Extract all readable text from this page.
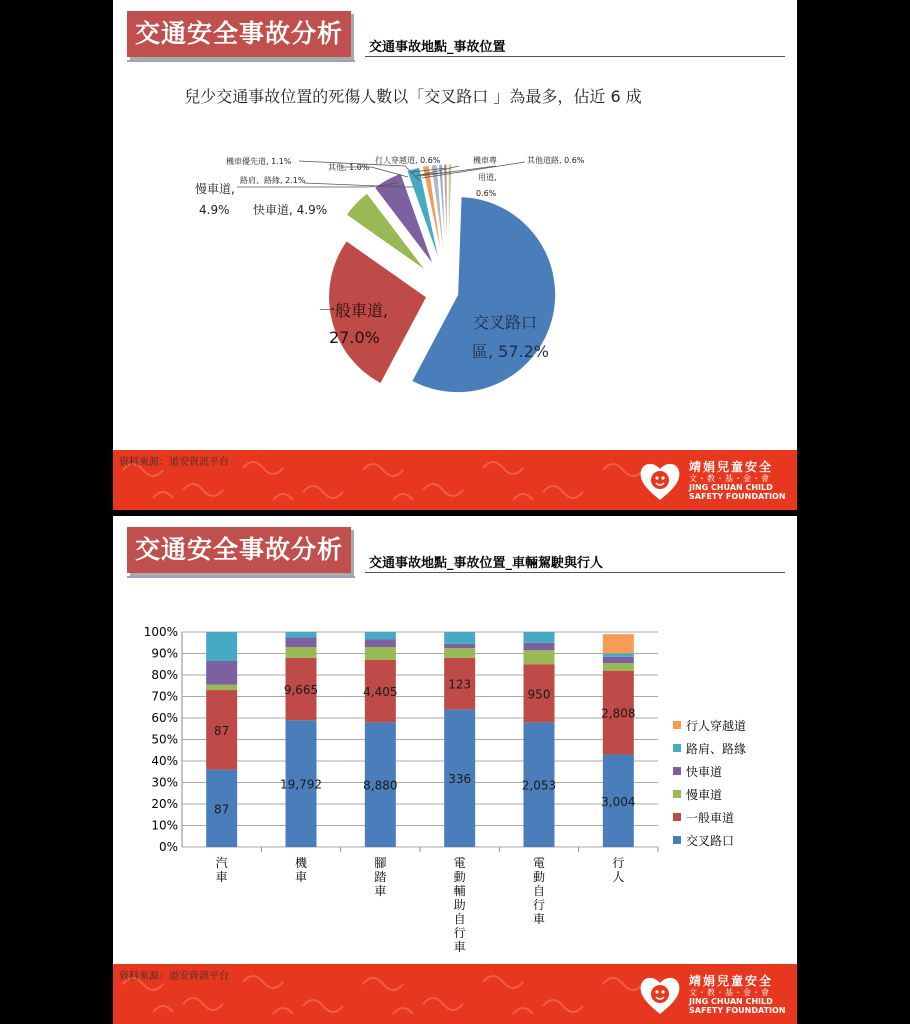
交通安全事故分析	交通事故地點_事故位置
兒少交通事故位置的死傷人數以「交叉路口 」為最多，佔近 6 成
交叉路口
區, 57.2%
一般車道,
27.0%
快車道, 4.9%
慢車道,
4.9%
路肩、路緣, 2.1%
機車優先道, 1.1%
其他, 1.0%
行人穿越道, 0.6%	機車專
用道,
0.6%
其他道路, 0.6%
資料來源：道安資訊平台	靖娟兒童安全
文・教・基・金・會
JING CHUAN CHILD
SAFETY FOUNDATION
交通安全事故分析	交通事故地點_事故位置_車輛駕駛與行人
87
87
19,792
9,665
8,880
4,405
336
123
2,053
950
3,004
2,808
0%
10%
20%
30%
40%
50%
60%
70%
80%
90%
100%
汽
車
機
車
腳
踏
車
電
動
輔
助
自
行
車
電
動
自
行
車
行
人
行人穿越道
路肩、路緣
快車道
慢車道
一般車道
交叉路口
資料來源：道安資訊平台	靖娟兒童安全
文・教・基・金・會
JING CHUAN CHILD
SAFETY FOUNDATION
